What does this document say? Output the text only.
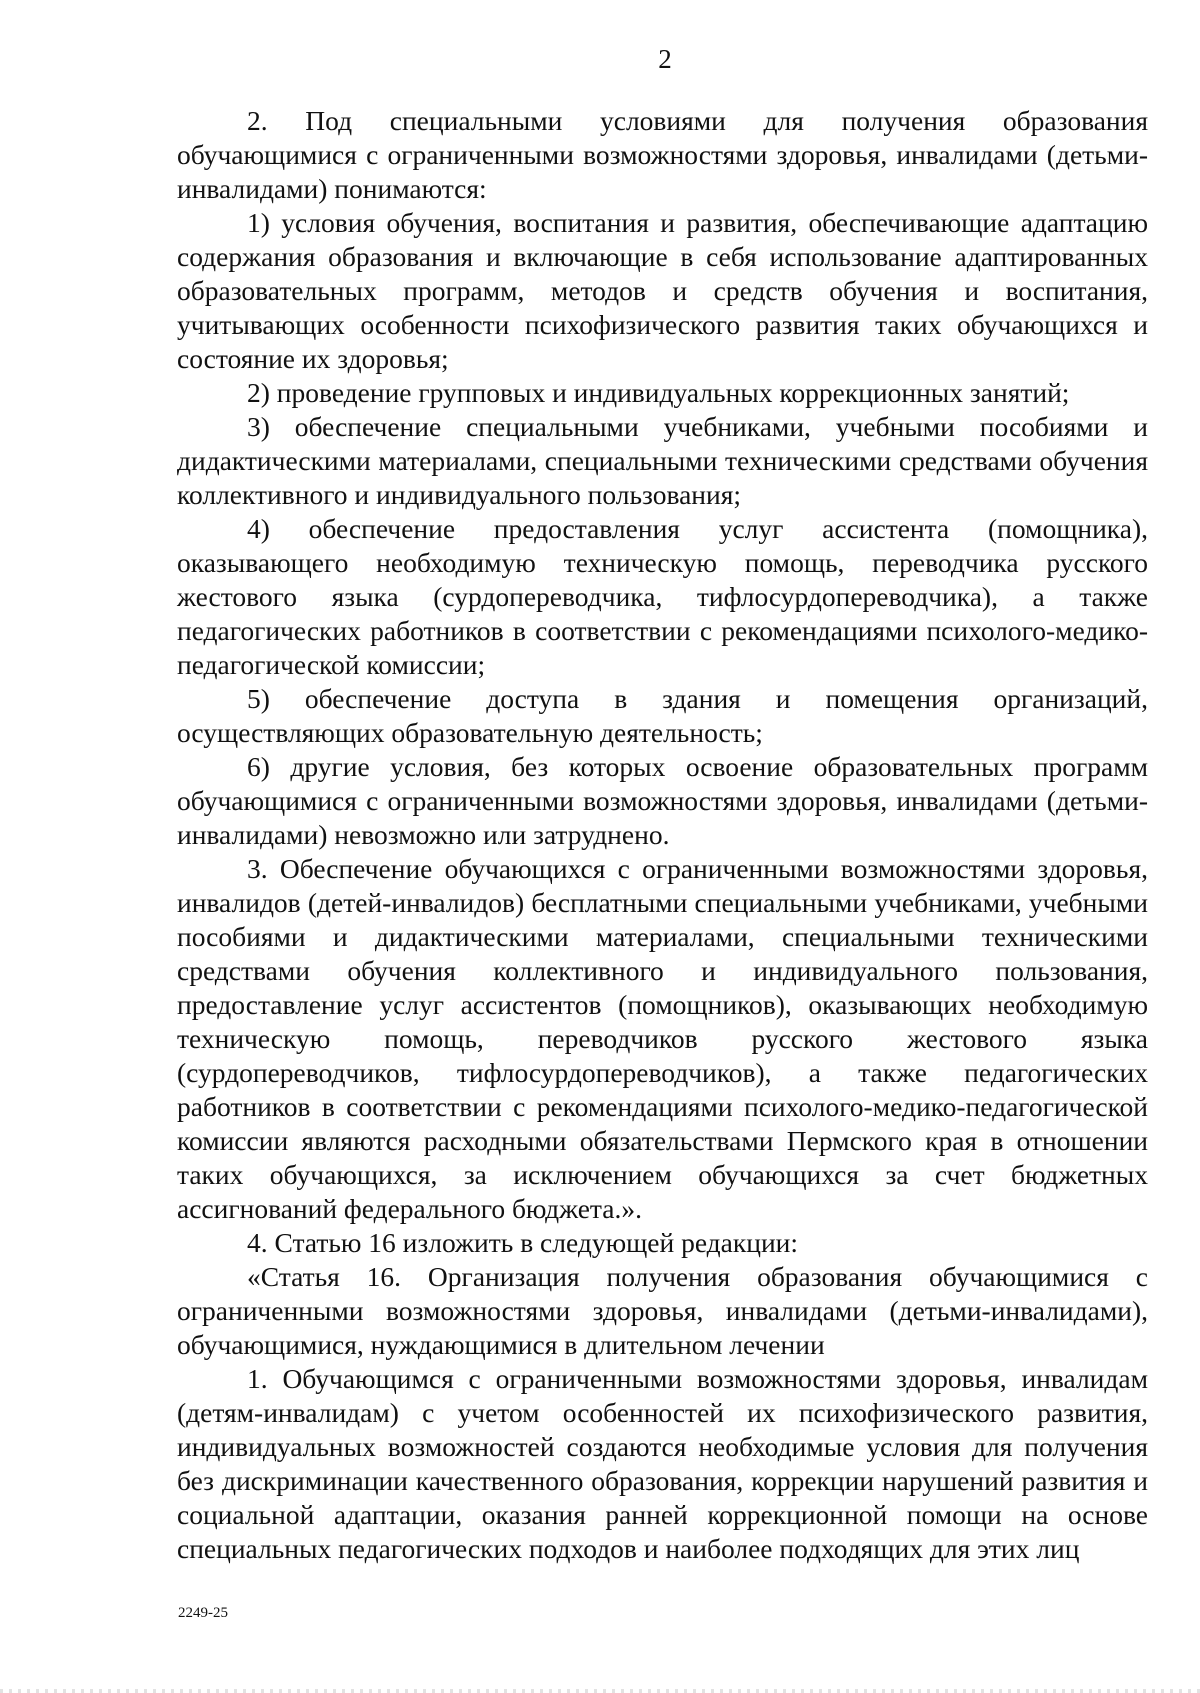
2

2. Под специальными условиями для получения образования обучающимися с ограниченными возможностями здоровья, инвалидами (детьми-инвалидами) понимаются:

1) условия обучения, воспитания и развития, обеспечивающие адаптацию содержания образования и включающие в себя использование адаптированных образовательных программ, методов и средств обучения и воспитания, учитывающих особенности психофизического развития таких обучающихся и состояние их здоровья;

2) проведение групповых и индивидуальных коррекционных занятий;

3) обеспечение специальными учебниками, учебными пособиями и дидактическими материалами, специальными техническими средствами обучения коллективного и индивидуального пользования;

4) обеспечение предоставления услуг ассистента (помощника), оказывающего необходимую техническую помощь, переводчика русского жестового языка (сурдопереводчика, тифлосурдопереводчика), а также педагогических работников в соответствии с рекомендациями психолого-медико-педагогической комиссии;

5) обеспечение доступа в здания и помещения организаций, осуществляющих образовательную деятельность;

6) другие условия, без которых освоение образовательных программ обучающимися с ограниченными возможностями здоровья, инвалидами (детьми-инвалидами) невозможно или затруднено.

3. Обеспечение обучающихся с ограниченными возможностями здоровья, инвалидов (детей-инвалидов) бесплатными специальными учебниками, учебными пособиями и дидактическими материалами, специальными техническими средствами обучения коллективного и индивидуального пользования, предоставление услуг ассистентов (помощников), оказывающих необходимую техническую помощь, переводчиков русского жестового языка (сурдопереводчиков, тифлосурдопереводчиков), а также педагогических работников в соответствии с рекомендациями психолого-медико-педагогической комиссии являются расходными обязательствами Пермского края в отношении таких обучающихся, за исключением обучающихся за счет бюджетных ассигнований федерального бюджета.».

4. Статью 16 изложить в следующей редакции:

«Статья 16. Организация получения образования обучающимися с ограниченными возможностями здоровья, инвалидами (детьми-инвалидами), обучающимися, нуждающимися в длительном лечении

1. Обучающимся с ограниченными возможностями здоровья, инвалидам (детям-инвалидам) с учетом особенностей их психофизического развития, индивидуальных возможностей создаются необходимые условия для получения без дискриминации качественного образования, коррекции нарушений развития и социальной адаптации, оказания ранней коррекционной помощи на основе специальных педагогических подходов и наиболее подходящих для этих лиц

2249-25
